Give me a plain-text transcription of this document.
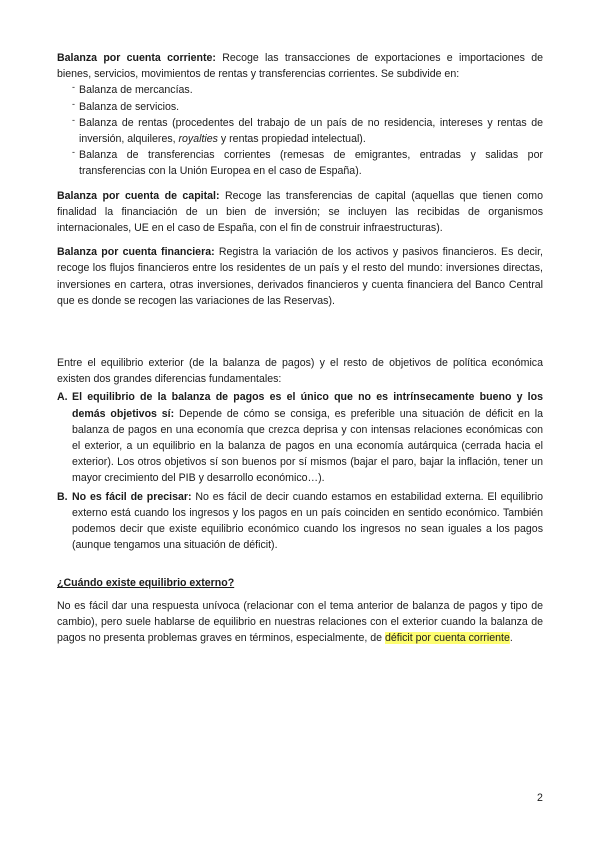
Balanza por cuenta corriente: Recoge las transacciones de exportaciones e importaciones de bienes, servicios, movimientos de rentas y transferencias corrientes. Se subdivide en:

- Balanza de mercancías.
- Balanza de servicios.
- Balanza de rentas (procedentes del trabajo de un país de no residencia, intereses y rentas de inversión, alquileres, royalties y rentas propiedad intelectual).
- Balanza de transferencias corrientes (remesas de emigrantes, entradas y salidas por transferencias con la Unión Europea en el caso de España).

Balanza por cuenta de capital: Recoge las transferencias de capital (aquellas que tienen como finalidad la financiación de un bien de inversión; se incluyen las recibidas de organismos internacionales, UE en el caso de España, con el fin de construir infraestructuras).

Balanza por cuenta financiera: Registra la variación de los activos y pasivos financieros. Es decir, recoge los flujos financieros entre los residentes de un país y el resto del mundo: inversiones directas, inversiones en cartera, otras inversiones, derivados financieros y cuenta financiera del Banco Central que es donde se recogen las variaciones de las Reservas).

Entre el equilibrio exterior (de la balanza de pagos) y el resto de objetivos de política económica existen dos grandes diferencias fundamentales:

A. El equilibrio de la balanza de pagos es el único que no es intrínsecamente bueno y los demás objetivos sí: Depende de cómo se consiga, es preferible una situación de déficit en la balanza de pagos en una economía que crezca deprisa y con intensas relaciones económicas con el exterior, a un equilibrio en la balanza de pagos en una economía autárquica (cerrada hacia el exterior). Los otros objetivos sí son buenos por sí mismos (bajar el paro, bajar la inflación, tener un mayor crecimiento del PIB y desarrollo económico…).
B. No es fácil de precisar: No es fácil de decir cuando estamos en estabilidad externa. El equilibrio externo está cuando los ingresos y los pagos en un país coinciden en sentido económico. También podemos decir que existe equilibrio económico cuando los ingresos no sean iguales a los pagos (aunque tengamos una situación de déficit).
¿Cuándo existe equilibrio externo?

No es fácil dar una respuesta unívoca (relacionar con el tema anterior de balanza de pagos y tipo de cambio), pero suele hablarse de equilibrio en nuestras relaciones con el exterior cuando la balanza de pagos no presenta problemas graves en términos, especialmente, de déficit por cuenta corriente.

2
